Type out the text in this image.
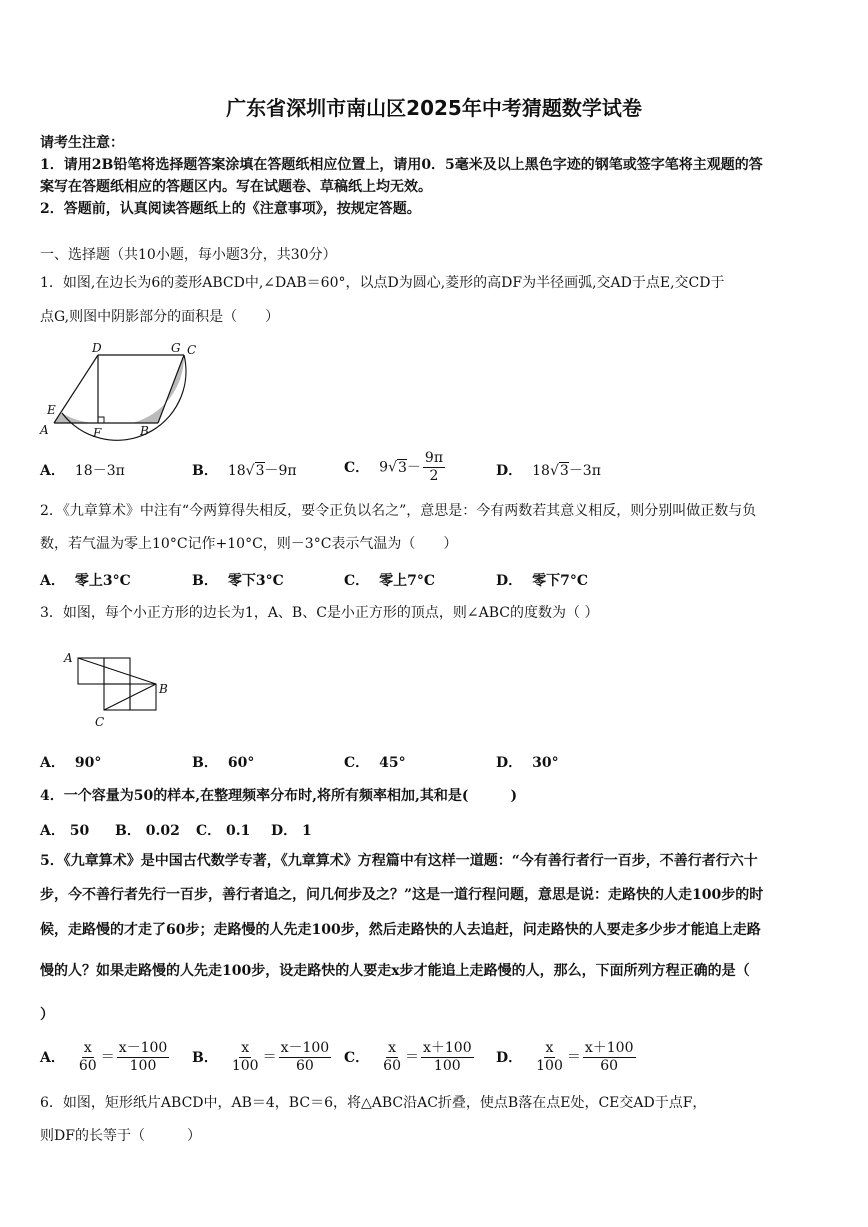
广东省深圳市南山区2025年中考猜题数学试卷
请考生注意：
1．请用2B铅笔将选择题答案涂填在答题纸相应位置上，请用0．5毫米及以上黑色字迹的钢笔或签字笔将主观题的答
案写在答题纸相应的答题区内。写在试题卷、草稿纸上均无效。
2．答题前，认真阅读答题纸上的《注意事项》，按规定答题。
一、选择题（共10小题，每小题3分，共30分）
1．如图,在边长为6的菱形ABCD中,∠DAB＝60°，以点D为圆心,菱形的高DF为半径画弧,交AD于点E,交CD于
点G,则图中阴影部分的面积是（　　）
D	G C
E
A	F	B
A． 18－3π	B． 18√3－9π	C． $9√3- \frac{9\pi}{2}$	D． 18√3－3π
2．《九章算术》中注有“今两算得失相反，要令正负以名之”，意思是：今有两数若其意义相反，则分别叫做正数与负
数，若气温为零上10°C记作+10°C，则－3°C表示气温为（　　）
A． 零上3°C	B． 零下3°C	C． 零上7°C	D． 零下7°C
3．如图，每个小正方形的边长为1，A、B、C是小正方形的顶点，则∠ABC的度数为（ ）
A
B
C
A． 90°	B． 60°	C． 45°	D． 30°
4．一个容量为50的样本,在整理频率分布时,将所有频率相加,其和是(　　　)
A． 50 B． 0.02 C． 0.1 D． 1
5．《九章算术》是中国古代数学专著，《九章算术》方程篇中有这样一道题：“今有善行者行一百步，不善行者行六十
步，今不善行者先行一百步，善行者追之，问几何步及之？”这是一道行程问题，意思是说：走路快的人走100步的时
候，走路慢的才走了60步；走路慢的人先走100步，然后走路快的人去追赶，问走路快的人要走多少步才能追上走路
慢的人？如果走路慢的人先走100步，设走路快的人要走x步才能追上走路慢的人，那么，下面所列方程正确的是（
）
A． $\frac{x}{60} = \frac{x-100}{100}$ B． $\frac{x}{100} = \frac{x-100}{60}$ C． $\frac{x}{60} = \frac{x+100}{100}$ D． $\frac{x}{100} = \frac{x+100}{60}$
6．如图，矩形纸片ABCD中，AB＝4，BC＝6，将△ABC沿AC折叠，使点B落在点E处，CE交AD于点F，
则DF的长等于（　　　）
